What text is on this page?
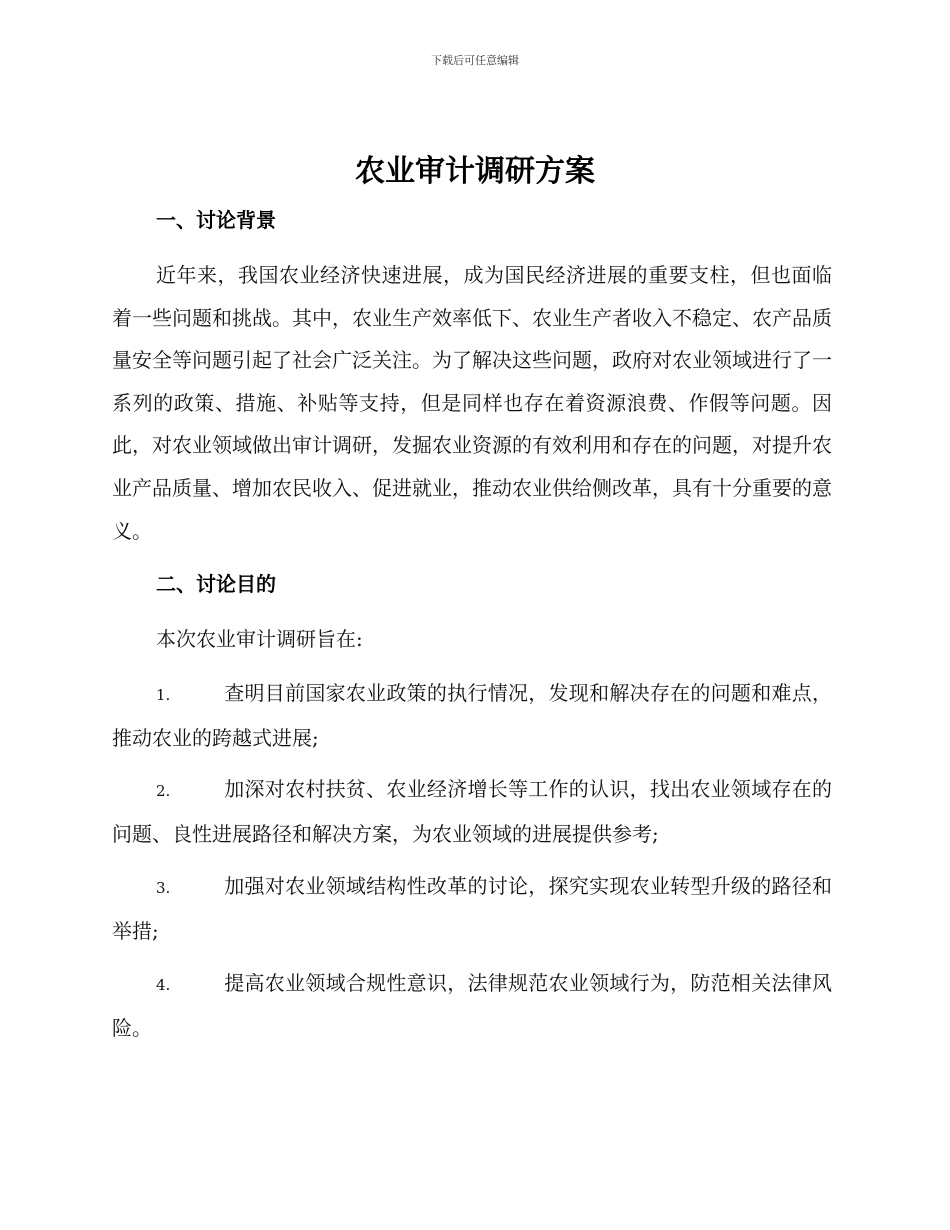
下载后可任意编辑
农业审计调研方案
一、讨论背景

近年来，我国农业经济快速进展，成为国民经济进展的重要支柱，但也面临着一些问题和挑战。其中，农业生产效率低下、农业生产者收入不稳定、农产品质量安全等问题引起了社会广泛关注。为了解决这些问题，政府对农业领域进行了一系列的政策、措施、补贴等支持，但是同样也存在着资源浪费、作假等问题。因此，对农业领域做出审计调研，发掘农业资源的有效利用和存在的问题，对提升农业产品质量、增加农民收入、促进就业，推动农业供给侧改革，具有十分重要的意义。

二、讨论目的

本次农业审计调研旨在:

1.	查明目前国家农业政策的执行情况，发现和解决存在的问题和难点，推动农业的跨越式进展;

2.	加深对农村扶贫、农业经济增长等工作的认识，找出农业领域存在的问题、良性进展路径和解决方案，为农业领域的进展提供参考;

3.	加强对农业领域结构性改革的讨论，探究实现农业转型升级的路径和举措;

4.	提高农业领域合规性意识，法律规范农业领域行为，防范相关法律风险。
